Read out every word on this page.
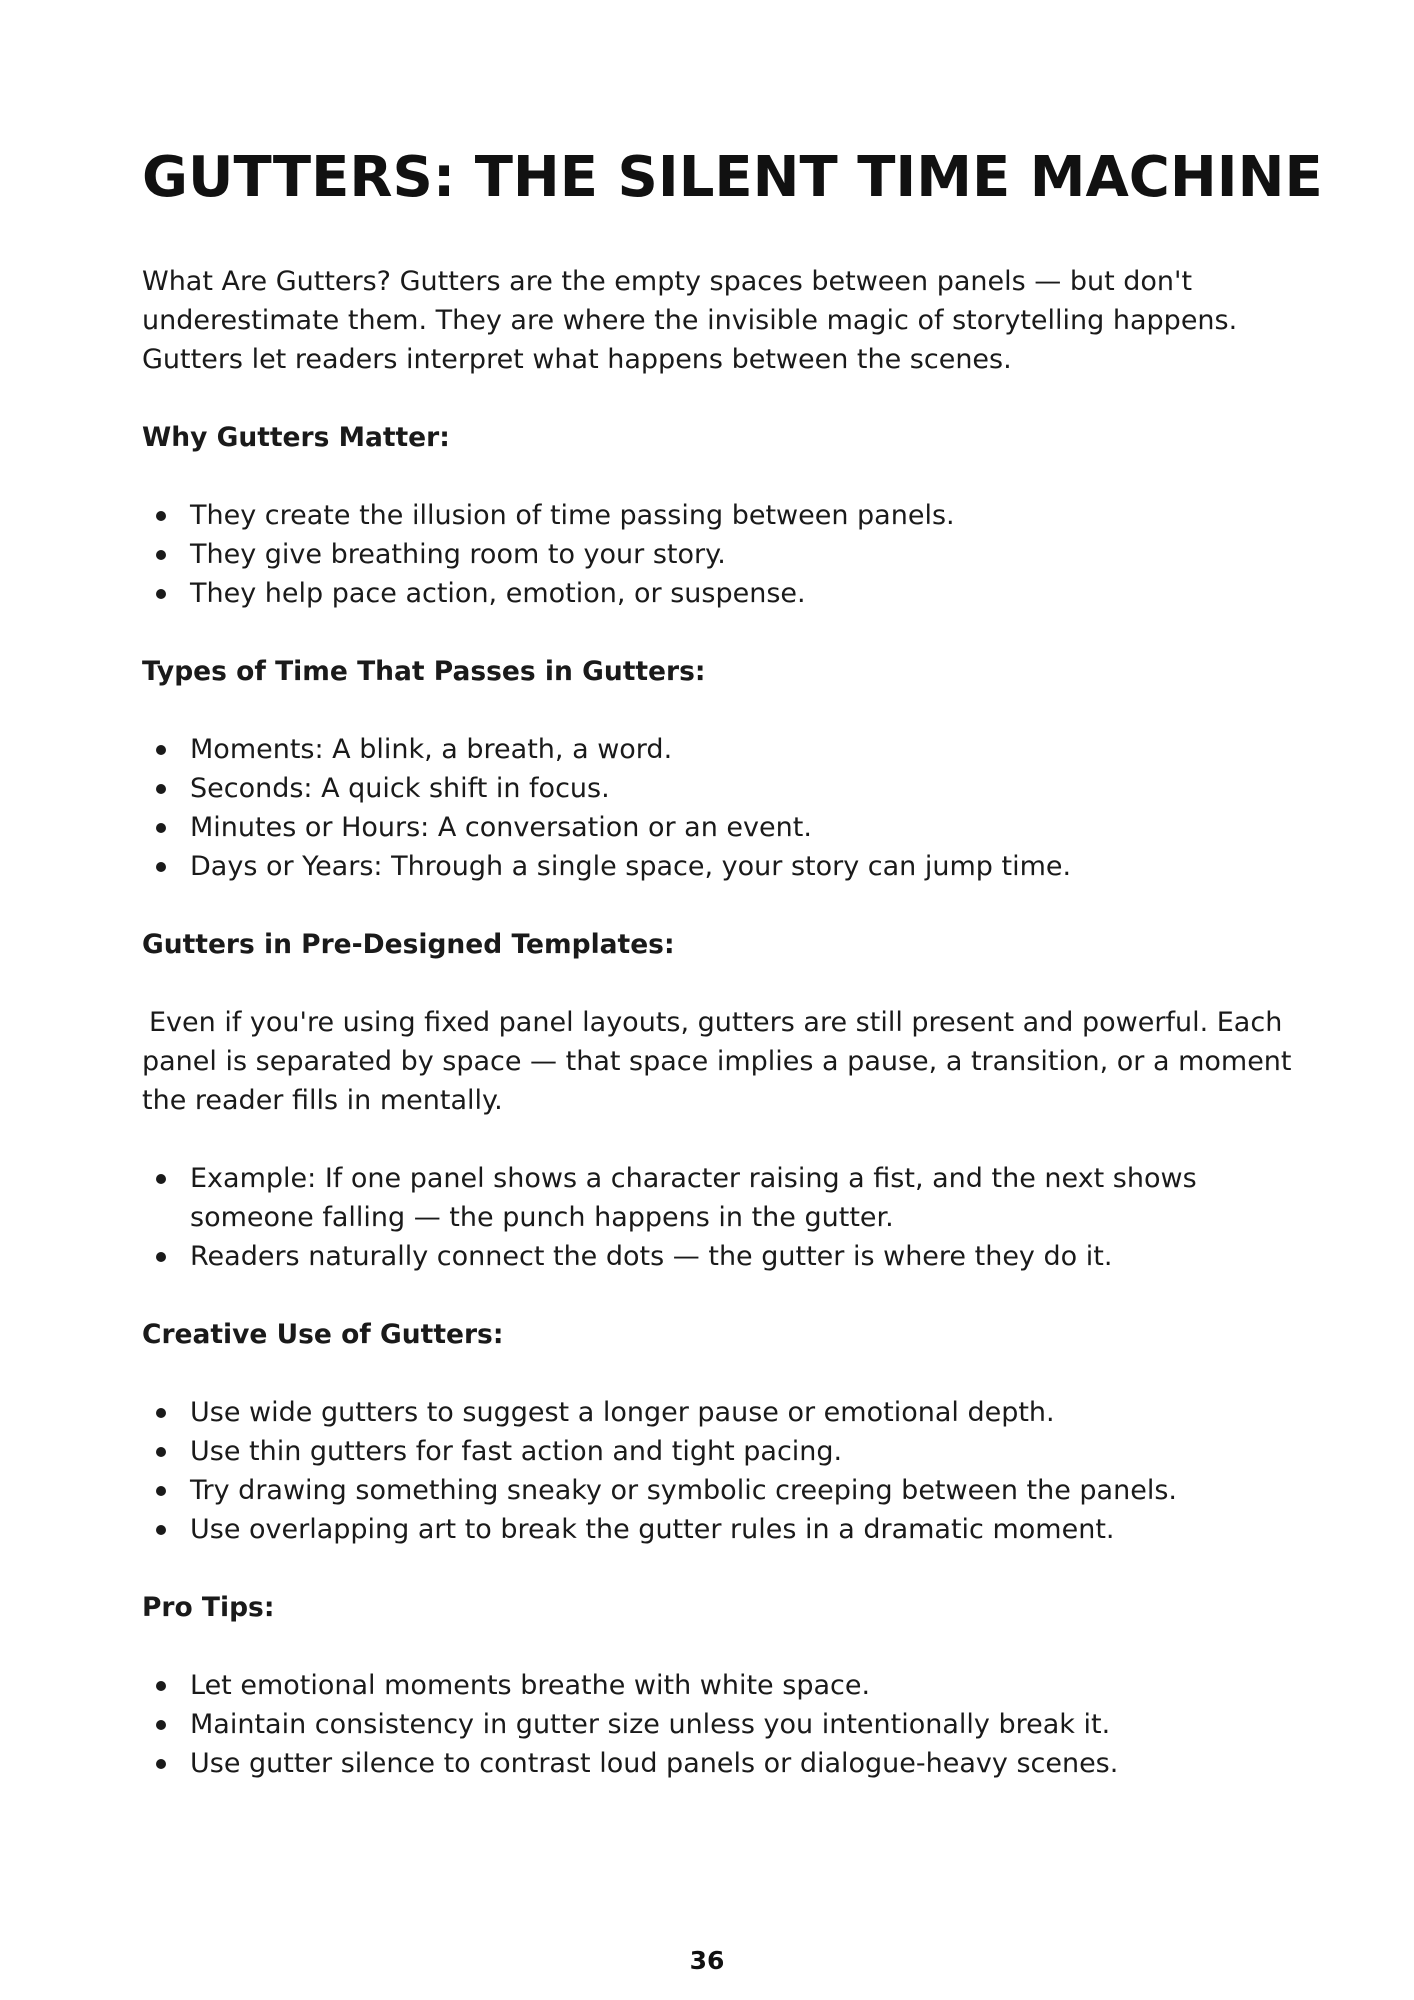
GUTTERS: THE SILENT TIME MACHINE

What Are Gutters? Gutters are the empty spaces between panels — but don't underestimate them. They are where the invisible magic of storytelling happens. Gutters let readers interpret what happens between the scenes.

Why Gutters Matter:
They create the illusion of time passing between panels.
They give breathing room to your story.
They help pace action, emotion, or suspense.
Types of Time That Passes in Gutters:
Moments: A blink, a breath, a word.
Seconds: A quick shift in focus.
Minutes or Hours: A conversation or an event.
Days or Years: Through a single space, your story can jump time.
Gutters in Pre-Designed Templates:

Even if you're using fixed panel layouts, gutters are still present and powerful. Each panel is separated by space — that space implies a pause, a transition, or a moment the reader fills in mentally.

Example: If one panel shows a character raising a fist, and the next shows someone falling — the punch happens in the gutter.
Readers naturally connect the dots — the gutter is where they do it.
Creative Use of Gutters:
Use wide gutters to suggest a longer pause or emotional depth.
Use thin gutters for fast action and tight pacing.
Try drawing something sneaky or symbolic creeping between the panels.
Use overlapping art to break the gutter rules in a dramatic moment.
Pro Tips:
Let emotional moments breathe with white space.
Maintain consistency in gutter size unless you intentionally break it.
Use gutter silence to contrast loud panels or dialogue-heavy scenes.
36
